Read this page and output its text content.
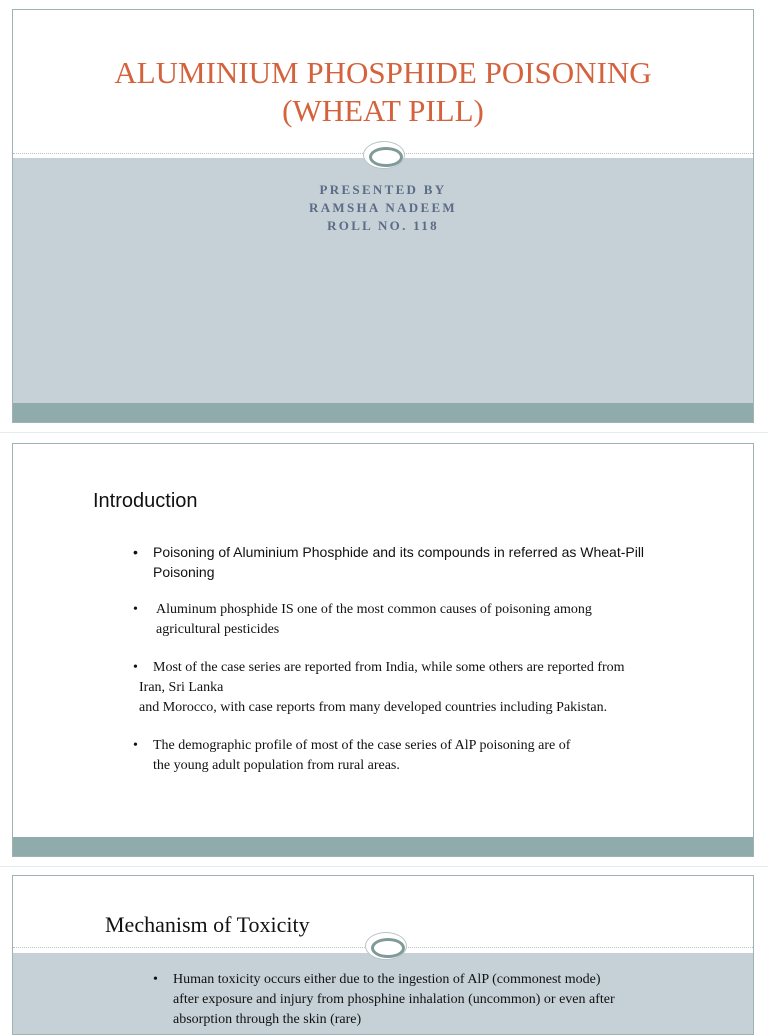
ALUMINIUM PHOSPHIDE POISONING
(WHEAT PILL)
PRESENTED BY
RAMSHA NADEEM
ROLL NO. 118
Introduction
• Poisoning of Aluminium Phosphide and its compounds in referred as Wheat-Pill
Poisoning
• Aluminum phosphide IS one of the most common causes of poisoning among
agricultural pesticides
• Most of the case series are reported from India, while some others are reported from
Iran, Sri Lanka
and Morocco, with case reports from many developed countries including Pakistan.
• The demographic profile of most of the case series of AlP poisoning are of
the young adult population from rural areas.
Mechanism of Toxicity
• Human toxicity occurs either due to the ingestion of AlP (commonest mode)
after exposure and injury from phosphine inhalation (uncommon) or even after
absorption through the skin (rare)
